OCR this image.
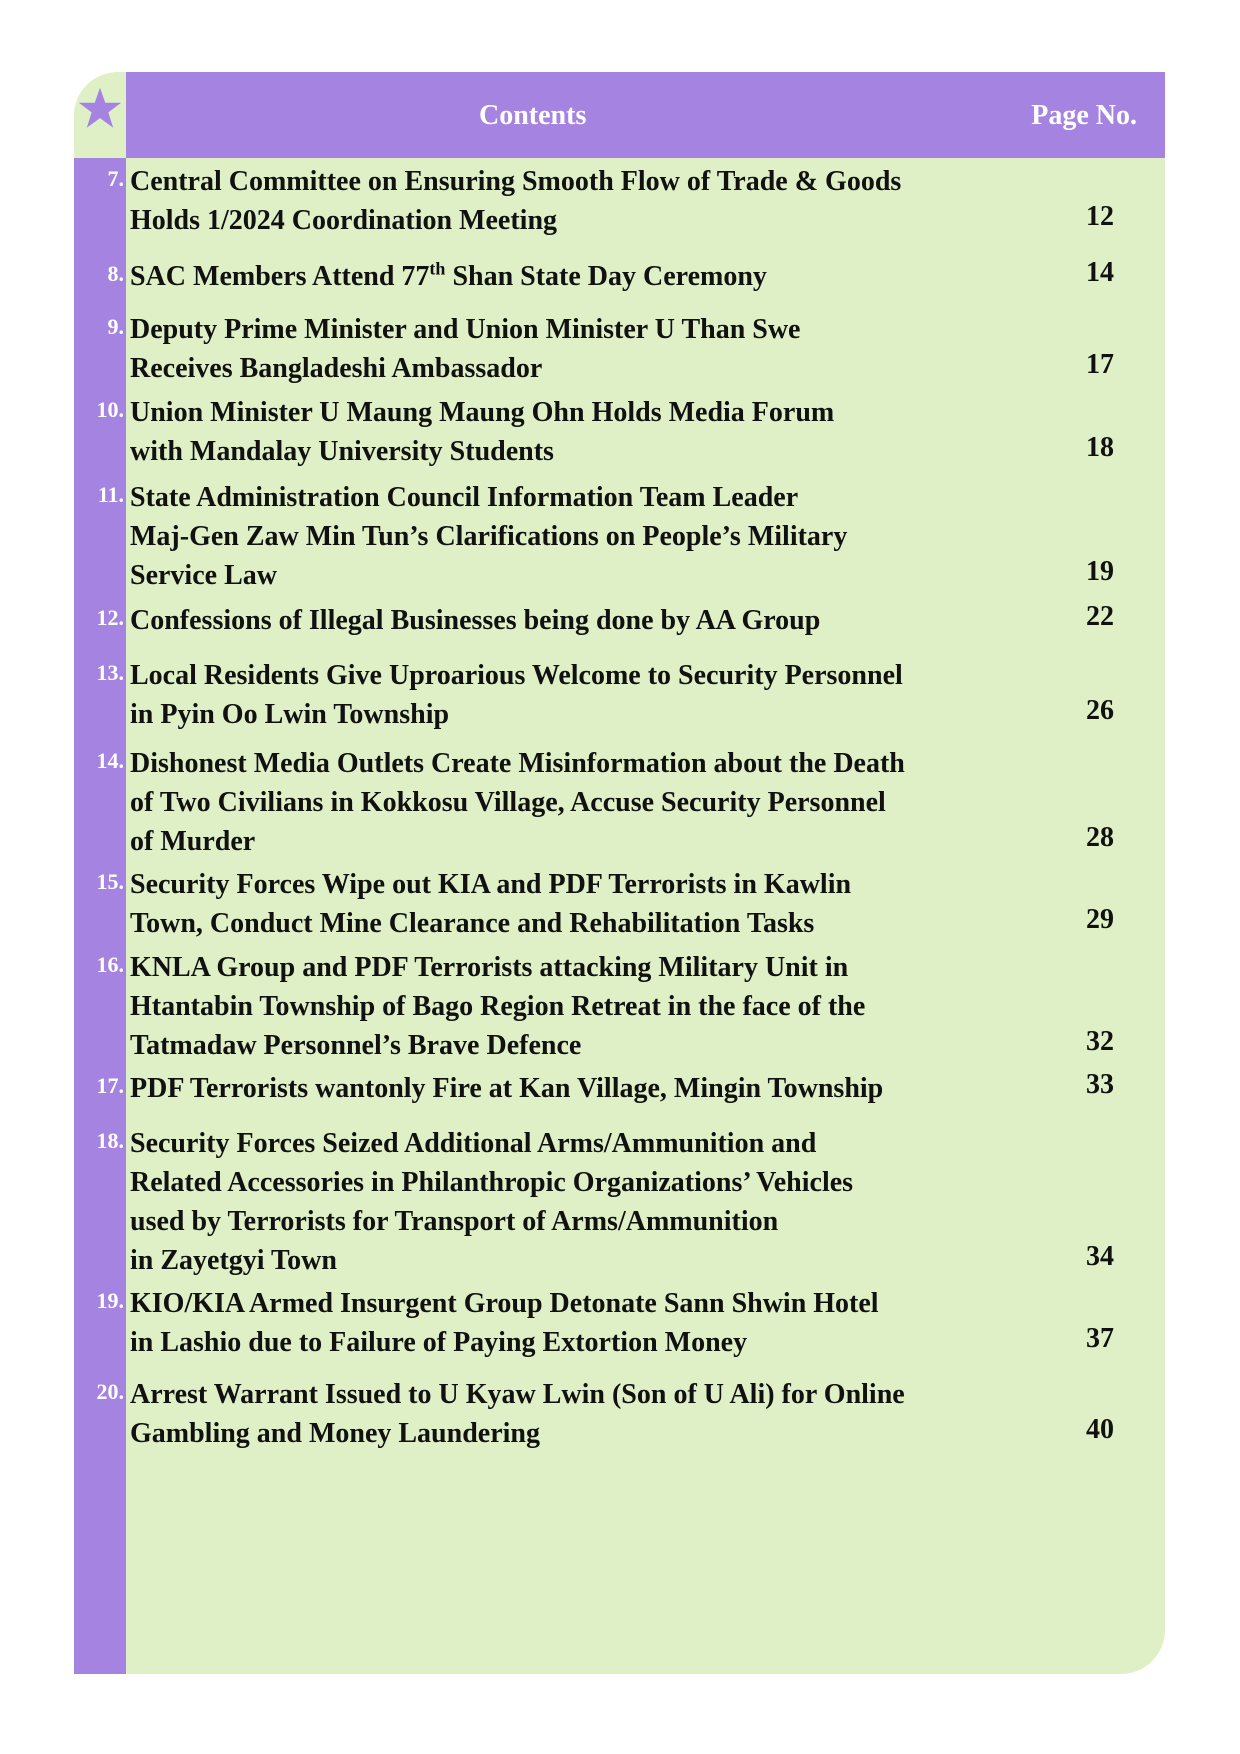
Contents	Page No.
7. Central Committee on Ensuring Smooth Flow of Trade & Goods
Holds 1/2024 Coordination Meeting	12
8. SAC Members Attend 77th Shan State Day Ceremony	14
9. Deputy Prime Minister and Union Minister U Than Swe
Receives Bangladeshi Ambassador	17
10. Union Minister U Maung Maung Ohn Holds Media Forum
with Mandalay University Students	18
11. State Administration Council Information Team Leader
Maj-Gen Zaw Min Tun’s Clarifications on People’s Military
Service Law	19
12. Confessions of Illegal Businesses being done by AA Group	22
13. Local Residents Give Uproarious Welcome to Security Personnel
in Pyin Oo Lwin Township	26
14. Dishonest Media Outlets Create Misinformation about the Death
of Two Civilians in Kokkosu Village, Accuse Security Personnel
of Murder	28
15. Security Forces Wipe out KIA and PDF Terrorists in Kawlin
Town, Conduct Mine Clearance and Rehabilitation Tasks	29
16. KNLA Group and PDF Terrorists attacking Military Unit in
Htantabin Township of Bago Region Retreat in the face of the
Tatmadaw Personnel’s Brave Defence	32
17. PDF Terrorists wantonly Fire at Kan Village, Mingin Township	33
18. Security Forces Seized Additional Arms/Ammunition and
Related Accessories in Philanthropic Organizations’ Vehicles
used by Terrorists for Transport of Arms/Ammunition
in Zayetgyi Town	34
19. KIO/KIA Armed Insurgent Group Detonate Sann Shwin Hotel
in Lashio due to Failure of Paying Extortion Money	37
20. Arrest Warrant Issued to U Kyaw Lwin (Son of U Ali) for Online
Gambling and Money Laundering	40
